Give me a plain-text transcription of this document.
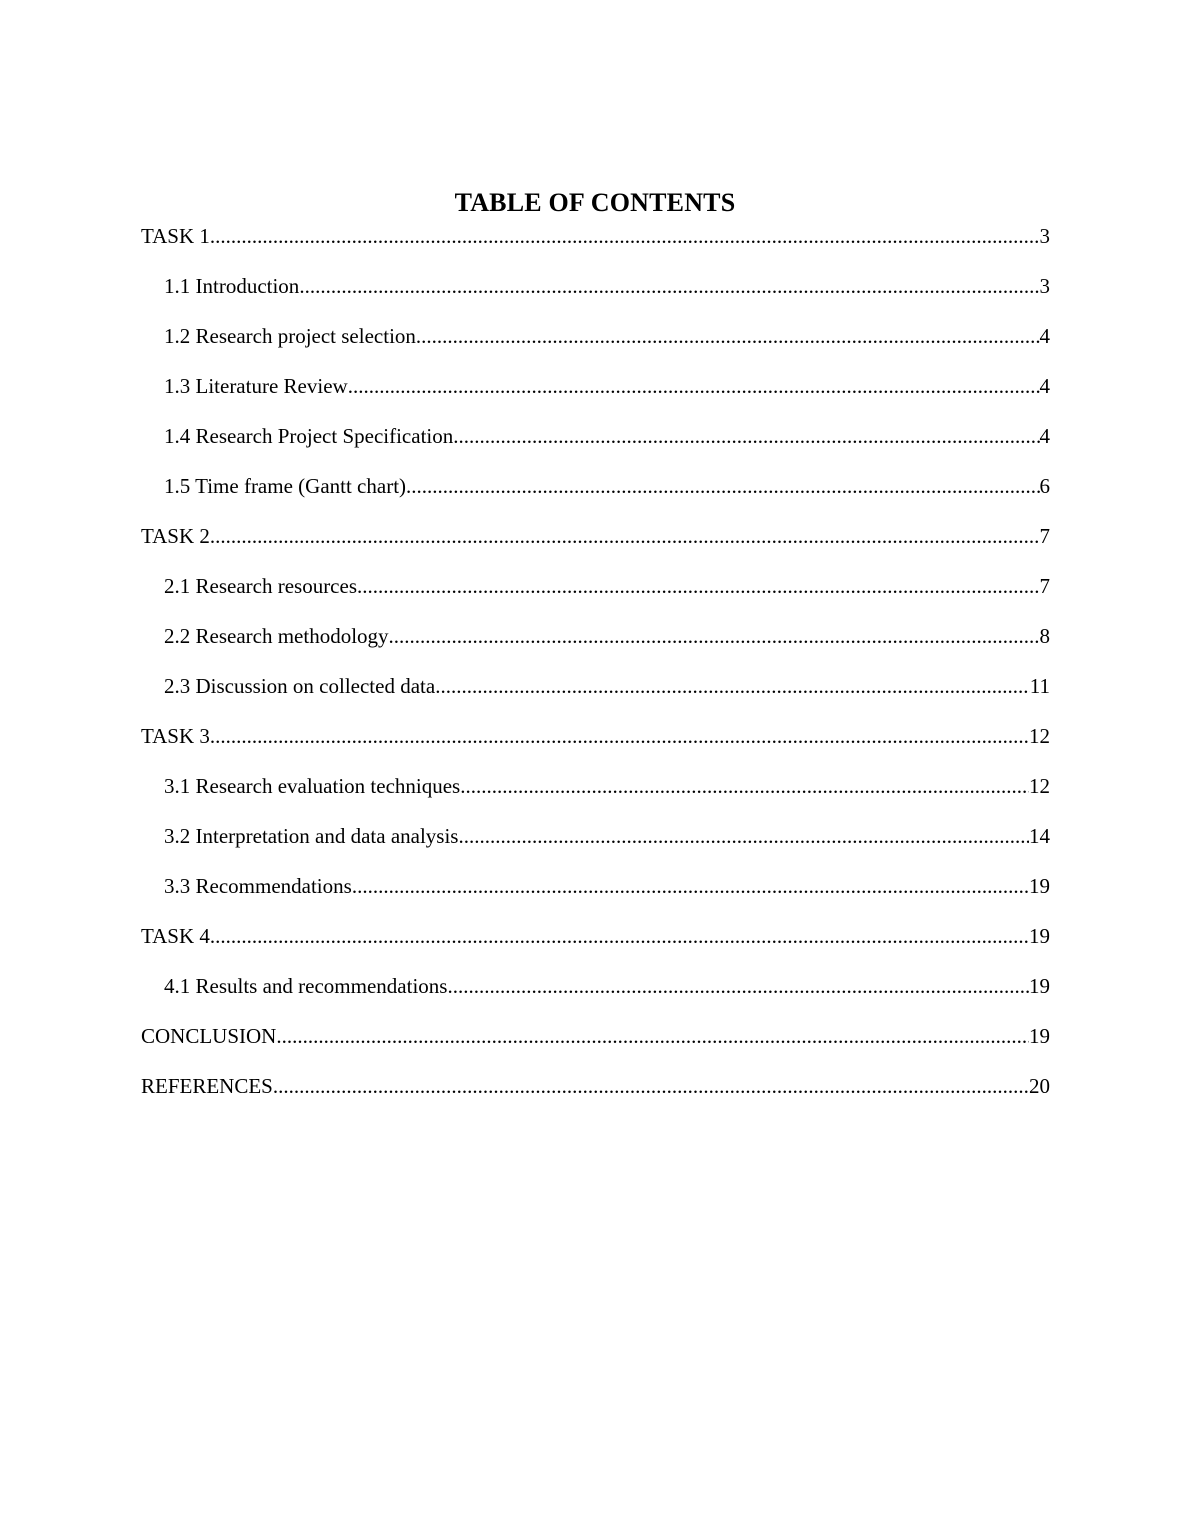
TABLE OF CONTENTS
TASK 1 .....	3
1.1 Introduction .....	3
1.2 Research project selection .....	4
1.3 Literature Review .....	4
1.4 Research Project Specification .....	4
1.5 Time frame (Gantt chart) .....	6
TASK 2 .....	7
2.1 Research resources .....	7
2.2 Research methodology .....	8
2.3 Discussion on collected data .....	11
TASK 3 .....	12
3.1 Research evaluation techniques .....	12
3.2 Interpretation and data analysis .....	14
3.3 Recommendations .....	19
TASK 4 .....	19
4.1 Results and recommendations .....	19
CONCLUSION .....	19
REFERENCES .....	20
